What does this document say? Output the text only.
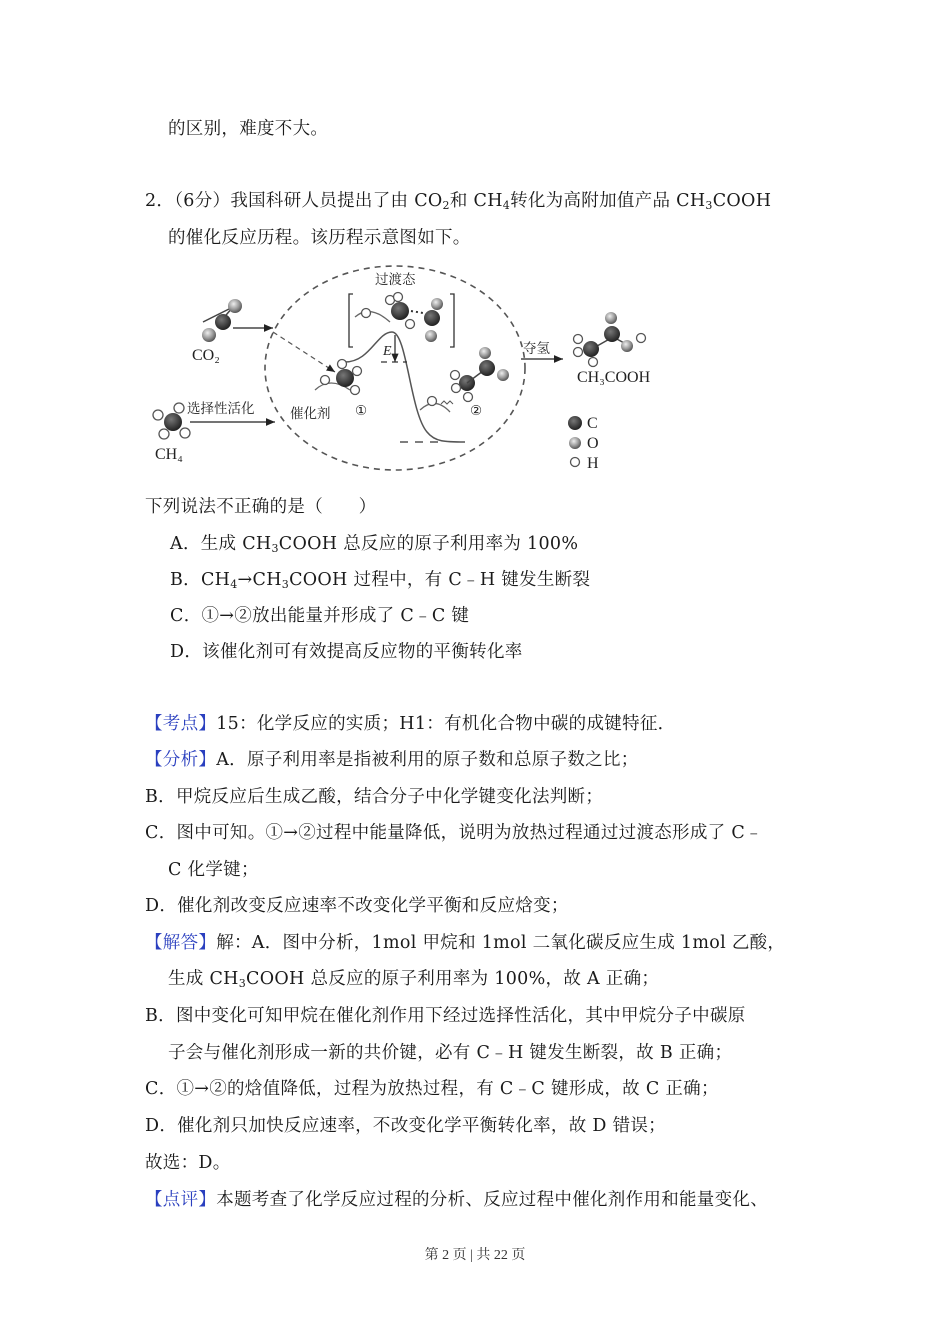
的区别，难度不大。
2．（6分）我国科研人员提出了由 $CO_2$和 $CH_4$转化为高附加值产品 $CH_3COOH$
的催化反应历程。该历程示意图如下。
CO₂
CH₄
选择性活化
过渡态
E
催化剂 ①	②
夺氢
CH₃COOH
C
O
H
下列说法不正确的是（　　）
A．生成 $CH_3COOH$ 总反应的原子利用率为 100%
B．$CH_4\to CH_3COOH$ 过程中，有 C﹣H 键发生断裂
C．①→②放出能量并形成了 C﹣C 键
D．该催化剂可有效提高反应物的平衡转化率
【考点】15：化学反应的实质；H1：有机化合物中碳的成键特征．
【分析】A．原子利用率是指被利用的原子数和总原子数之比；
B．甲烷反应后生成乙酸，结合分子中化学键变化法判断；
C．图中可知。①→②过程中能量降低，说明为放热过程通过过渡态形成了 C﹣
C 化学键；
D．催化剂改变反应速率不改变化学平衡和反应焓变；
【解答】解：A．图中分析，1mol 甲烷和 1mol 二氧化碳反应生成 1mol 乙酸，
生成 $CH_3COOH$ 总反应的原子利用率为 100%，故 A 正确；
B．图中变化可知甲烷在催化剂作用下经过选择性活化，其中甲烷分子中碳原
子会与催化剂形成一新的共价键，必有 C﹣H 键发生断裂，故 B 正确；
C．①→②的焓值降低，过程为放热过程，有 C﹣C 键形成，故 C 正确；
D．催化剂只加快反应速率，不改变化学平衡转化率，故 D 错误；
故选：D。
【点评】本题考查了化学反应过程的分析、反应过程中催化剂作用和能量变化、
第 2 页 | 共 22 页
